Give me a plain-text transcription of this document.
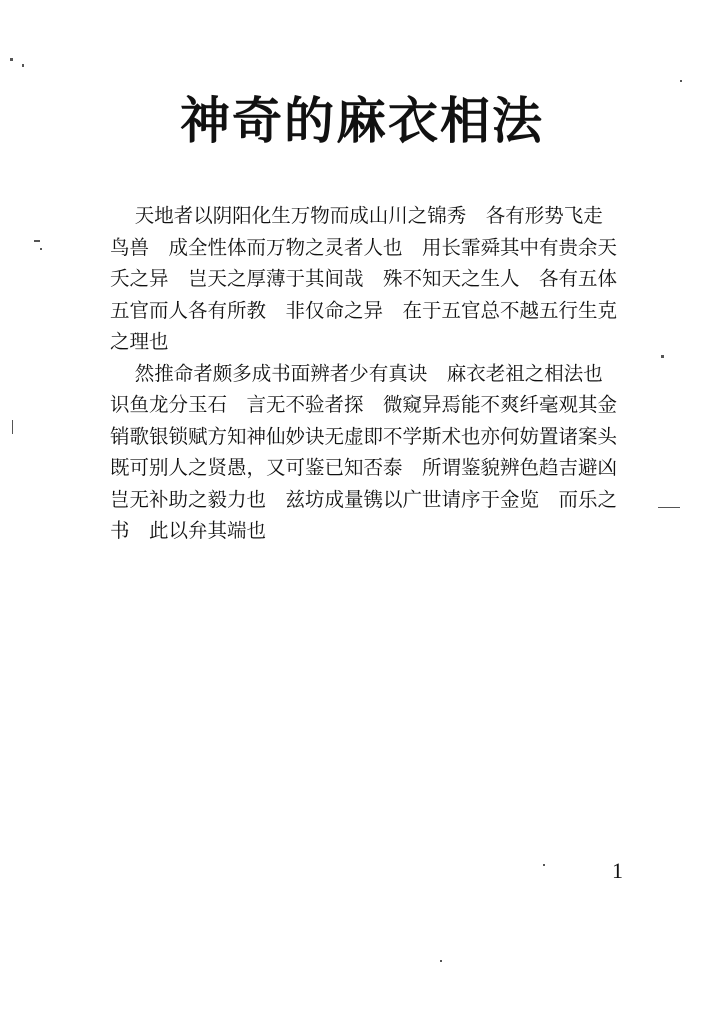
神奇的麻衣相法
天地者以阴阳化生万物而成山川之锦秀　各有形势飞走
鸟兽　成全性体而万物之灵者人也　用长霏舜其中有贵余天
夭之异　岂天之厚薄于其间哉　殊不知天之生人　各有五体
五官而人各有所教　非仅命之异　在于五官总不越五行生克
之理也
然推命者颇多成书面辨者少有真诀　麻衣老祖之相法也
识鱼龙分玉石　言无不验者探　微窥异焉能不爽纤毫观其金
销歌银锁赋方知神仙妙诀无虚即不学斯术也亦何妨置诸案头
既可别人之贤愚，又可鉴已知否泰　所谓鉴貌辨色趋吉避凶
岂无补助之毅力也　兹坊成量镌以广世请序于金览　而乐之
书　此以弁其端也
1
